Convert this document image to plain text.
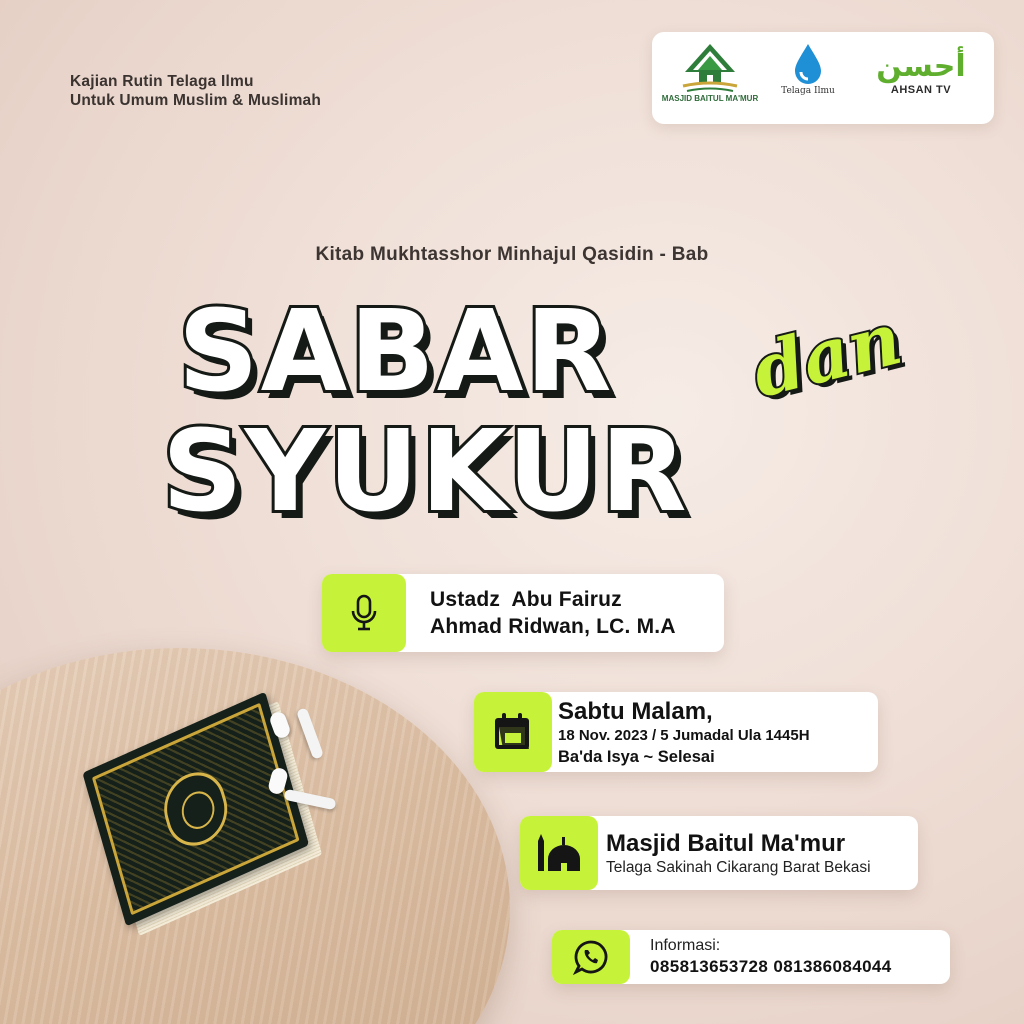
Kajian Rutin Telaga Ilmu
Untuk Umum Muslim & Muslimah	MASJID BAITUL MA'MUR
Telaga Ilmu
أحسن
AHSAN TV
Kitab Mukhtasshor Minhajul Qasidin - Bab
SABAR dan
SYUKUR
Ustadz  Abu Fairuz
Ahmad Ridwan, LC. M.A
Sabtu Malam,
18 Nov. 2023 / 5 Jumadal Ula 1445H
Ba'da Isya ~ Selesai
Masjid Baitul Ma'mur
Telaga Sakinah Cikarang Barat Bekasi
Informasi:
085813653728 081386084044
